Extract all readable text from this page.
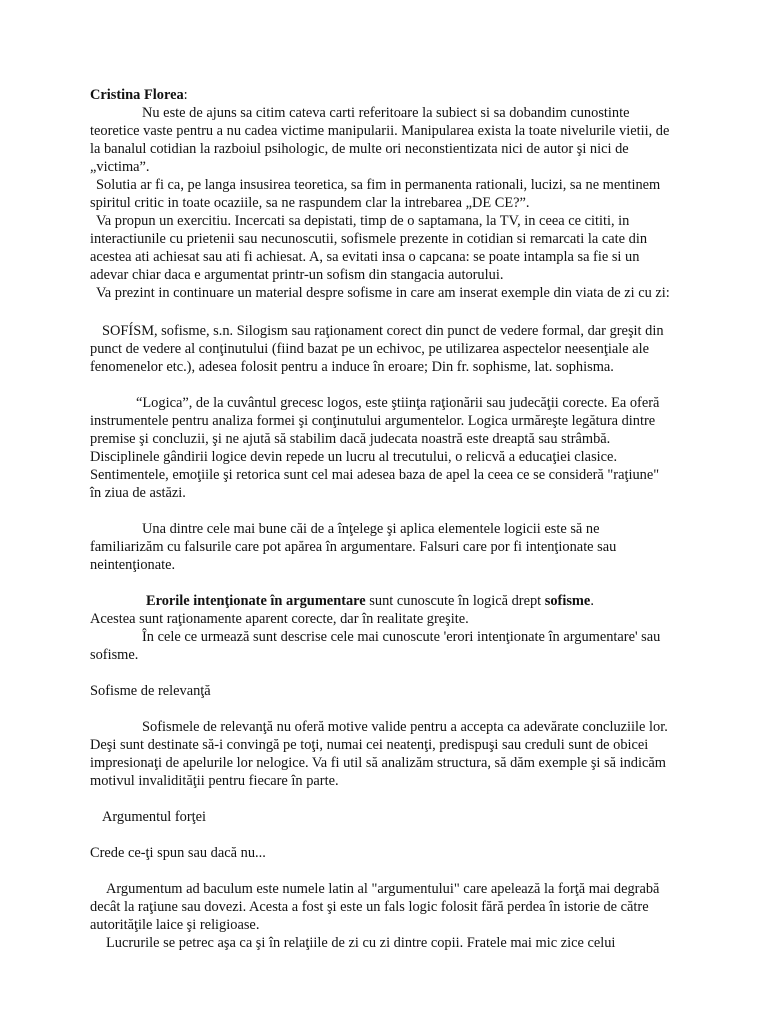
Cristina Florea:

Nu este de ajuns sa citim cateva carti referitoare la subiect si sa dobandim cunostinte teoretice vaste pentru a nu cadea victime manipularii. Manipularea exista la toate nivelurile vietii, de la banalul cotidian la razboiul psihologic, de multe ori neconstientizata nici de autor şi nici de „victima”.

Solutia ar fi ca, pe langa insusirea teoretica, sa fim in permanenta rationali, lucizi, sa ne mentinem spiritul critic in toate ocaziile, sa ne raspundem clar la intrebarea „DE CE?”.

Va propun un exercitiu. Incercati sa depistati, timp de o saptamana, la TV, in ceea ce cititi, in interactiunile cu prietenii sau necunoscutii, sofismele prezente in cotidian si remarcati la cate din acestea ati achiesat sau ati fi achiesat. A, sa evitati insa o capcana: se poate intampla sa fie si un adevar chiar daca e argumentat printr-un sofism din stangacia autorului.

Va prezint in continuare un material despre sofisme in care am inserat exemple din viata de zi cu zi:

SOFÍSM, sofisme, s.n. Silogism sau raţionament corect din punct de vedere formal, dar greşit din punct de vedere al conţinutului (fiind bazat pe un echivoc, pe utilizarea aspectelor neesenţiale ale fenomenelor etc.), adesea folosit pentru a induce în eroare; Din fr. sophisme, lat. sophisma.

“Logica”, de la cuvântul grecesc logos, este ştiinţa raţionării sau judecăţii corecte. Ea oferă instrumentele pentru analiza formei şi conţinutului argumentelor. Logica urmăreşte legătura dintre premise şi concluzii, şi ne ajută să stabilim dacă judecata noastră este dreaptă sau strâmbă. Disciplinele gândirii logice devin repede un lucru al trecutului, o relicvă a educaţiei clasice. Sentimentele, emoţiile şi retorica sunt cel mai adesea baza de apel la ceea ce se consideră "raţiune" în ziua de astăzi.

Una dintre cele mai bune căi de a înţelege şi aplica elementele logicii este să ne familiarizăm cu falsurile care pot apărea în argumentare. Falsuri care por fi intenţionate sau neintenţionate.

Erorile intenţionate în argumentare sunt cunoscute în logică drept sofisme.

Acestea sunt raţionamente aparent corecte, dar în realitate greşite.

În cele ce urmează sunt descrise cele mai cunoscute 'erori intenţionate în argumentare' sau sofisme.

Sofisme de relevanţă

Sofismele de relevanţă nu oferă motive valide pentru a accepta ca adevărate concluziile lor. Deşi sunt destinate să-i convingă pe toţi, numai cei neatenţi, predispuşi sau creduli sunt de obicei impresionaţi de apelurile lor nelogice. Va fi util să analizăm structura, să dăm exemple şi să indicăm motivul invalidităţii pentru fiecare în parte.

Argumentul forţei

Crede ce-ţi spun sau dacă nu...

Argumentum ad baculum este numele latin al "argumentului" care apelează la forţă mai degrabă decât la raţiune sau dovezi. Acesta a fost şi este un fals logic folosit fără perdea în istorie de către autorităţile laice şi religioase.

Lucrurile se petrec aşa ca şi în relaţiile de zi cu zi dintre copii. Fratele mai mic zice celui
